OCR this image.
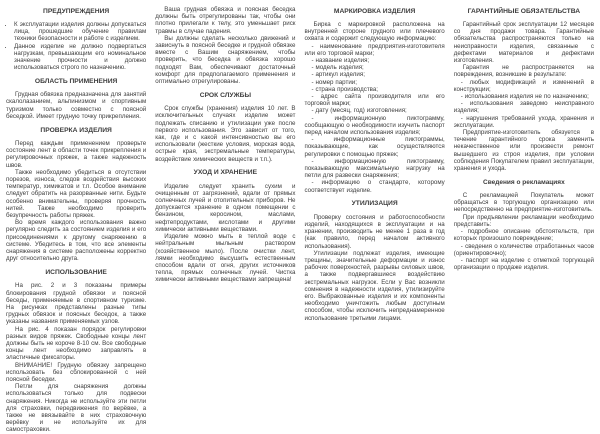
ПРЕДУПРЕЖДЕНИЯ
• К эксплуатации изделия должны допускаться лица, прошедшие обучение правилам техники безопасности и работе с изделием.
• Данное изделие не должно подвергаться нагрузкам, превышающим его номинальное значение прочности и должно использоваться строго по назначению.
ОБЛАСТЬ ПРИМЕНЕНИЯ

Грудная обвязка предназначена для занятий скалолазанием, альпинизмом и спортивным туризмом только совместно с поясной беседкой. Имеет грудную точку прикрепления.

ПРОВЕРКА ИЗДЕЛИЯ

Перед каждым применением проверьте состояние лент в области точек прикрепления и регулировочных пряжек, а также надежность швов.

Также необходимо убедиться в отсутствии порезов, износа, следов воздействия высоких температур, химикатов и т.п. Особое внимание следует обратить на разорванные нити. Будьте особенно внимательны, проверяя прочность нитей. Также необходимо проверить безупречность работы пряжек.

Во время каждого использования важно регулярно следить за состоянием изделия и его присоединениями к другому снаряжению в системе. Убедитесь в том, что все элементы снаряжения в системе расположены корректно друг относительно друга.

ИСПОЛЬЗОВАНИЕ

На рис. 2 и 3 показаны примеры блокирования грудной обвязки и поясной беседы, применяемые в спортивном туризме. На рисунках представлены разные типы грудных обвязок и поясных беседок, а также указаны названия применяемых узлов.

На рис. 4 показан порядок регулировки разных видов пряжек. Свободные концы лент должны быть не короче 8-10 см. Все свободные концы лент необходимо заправлять в эластичные фиксаторы.

ВНИМАНИЕ! Грудную обвязку запрещено использовать без сблокированной с ней поясной беседки.

Петли для снаряжения должны использоваться только для подвески снаряжения. Никогда не используйте эти петли для страховки, передвижения по верёвке, а также не ввязывайте в них страховочную верёвку и не используйте их для самостраховки.

Ваша грудная обвязка и поясная беседка должны быть отрегулированы так, чтобы они плотно прилегали к телу, это уменьшает риск травмы в случае падения.

Вы должны сделать несколько движений и зависнуть в поясной беседке и грудной обвязке вместе с Вашим снаряжением, чтобы проверить, что беседка и обвязка хорошо подходят Вам, обеспечивают достаточный комфорт для предполагаемого применения и оптимально отрегулированы.

СРОК СЛУЖБЫ

Срок службы (хранения) изделия 10 лет. В исключительных случаях изделие может подлежать списанию и утилизации уже после первого использования. Это зависит от того, как, где и с какой интенсивностью вы его использовали (жесткие условия, морская вода, острые края, экстремальные температуры, воздействие химических веществ и т.п.).

УХОД И ХРАНЕНИЕ

Изделие следует хранить сухим и очищенным от загрязнений, вдали от прямых солнечных лучей и отопительных приборов. Не допускается хранение в одном помещении с бензином, керосином, маслами, нефтепродуктами, кислотами и другими химически активными веществами.

Изделие можно мыть в теплой воде с нейтральным мыльным раствором (хозяйственное мыло). После очистки лент, лямки необходимо высушить естественным способом вдали от огня, других источников тепла, прямых солнечных лучей. Чистка химически активными веществами запрещена!

МАРКИРОВКА ИЗДЕЛИЯ

Бирка с маркировкой расположена на внутренней стороне грудного или плечевого охвата и содержит следующую информацию:

- наименование предприятия-изготовителя или его торговой марки;

- название изделия;

- модель изделия;

- артикул изделия;

- номер партии;

- страна производства;

- адрес сайта производителя или его торговой марки;

- дату (месяц, год) изготовления;

- информационную пиктограмму, сообщающую о необходимости изучить паспорт перед началом использования изделия;

- информационные пиктограммы, показывающие, как осуществляются регулировки с помощью пряжек;

- информационную пиктограмму, показывающую максимальную нагрузку на петли для развески снаряжения;

- информацию о стандарте, которому соответствует изделие.

УТИЛИЗАЦИЯ

Проверку состояния и работоспособности изделий, находящихся в эксплуатации и на хранении, производить не менее 1 раза в год (как правило, перед началом активного использования).

Утилизации подлежат изделия, имеющие трещины, значительные деформации и износ рабочих поверхностей, разрывы силовых швов, а также подвергавшиеся воздействию экстремальных нагрузок. Если у Вас возникли сомнения в надежности изделия, утилизируйте его. Выбракованные изделия и их компоненты необходимо уничтожить любым доступным способом, чтобы исключить непреднамеренное использование третьими лицами.

ГАРАНТИЙНЫЕ ОБЯЗАТЕЛЬСТВА

Гарантийный срок эксплуатации 12 месяцев со дня продажи товара. Гарантийные обязательства распространяются только на неисправности изделия, связанные с дефектами материалов и дефектами изготовления.

Гарантия не распространяется на повреждения, возникшие в результате:

- любых модификаций и изменений в конструкции;

- использования изделия не по назначению;

- использования заведомо неисправного изделия;

- нарушения требований ухода, хранения и эксплуатации.

Предприятие-изготовитель обязуется в течение гарантийного срока заменить некачественное или произвести ремонт вышедшего из строя изделия, при условии соблюдения Покупателем правил эксплуатации, хранения и ухода.

Сведения о рекламациях

С рекламацией Покупатель может обращаться в торгующую организацию или непосредственно на предприятие-изготовитель.

При предъявлении рекламации необходимо представить:

- подробное описание обстоятельств, при которых произошло повреждение;

- сведения о количестве отработанных часов (ориентировочно);

- паспорт на изделие с отметкой торгующей организации о продаже изделия.
